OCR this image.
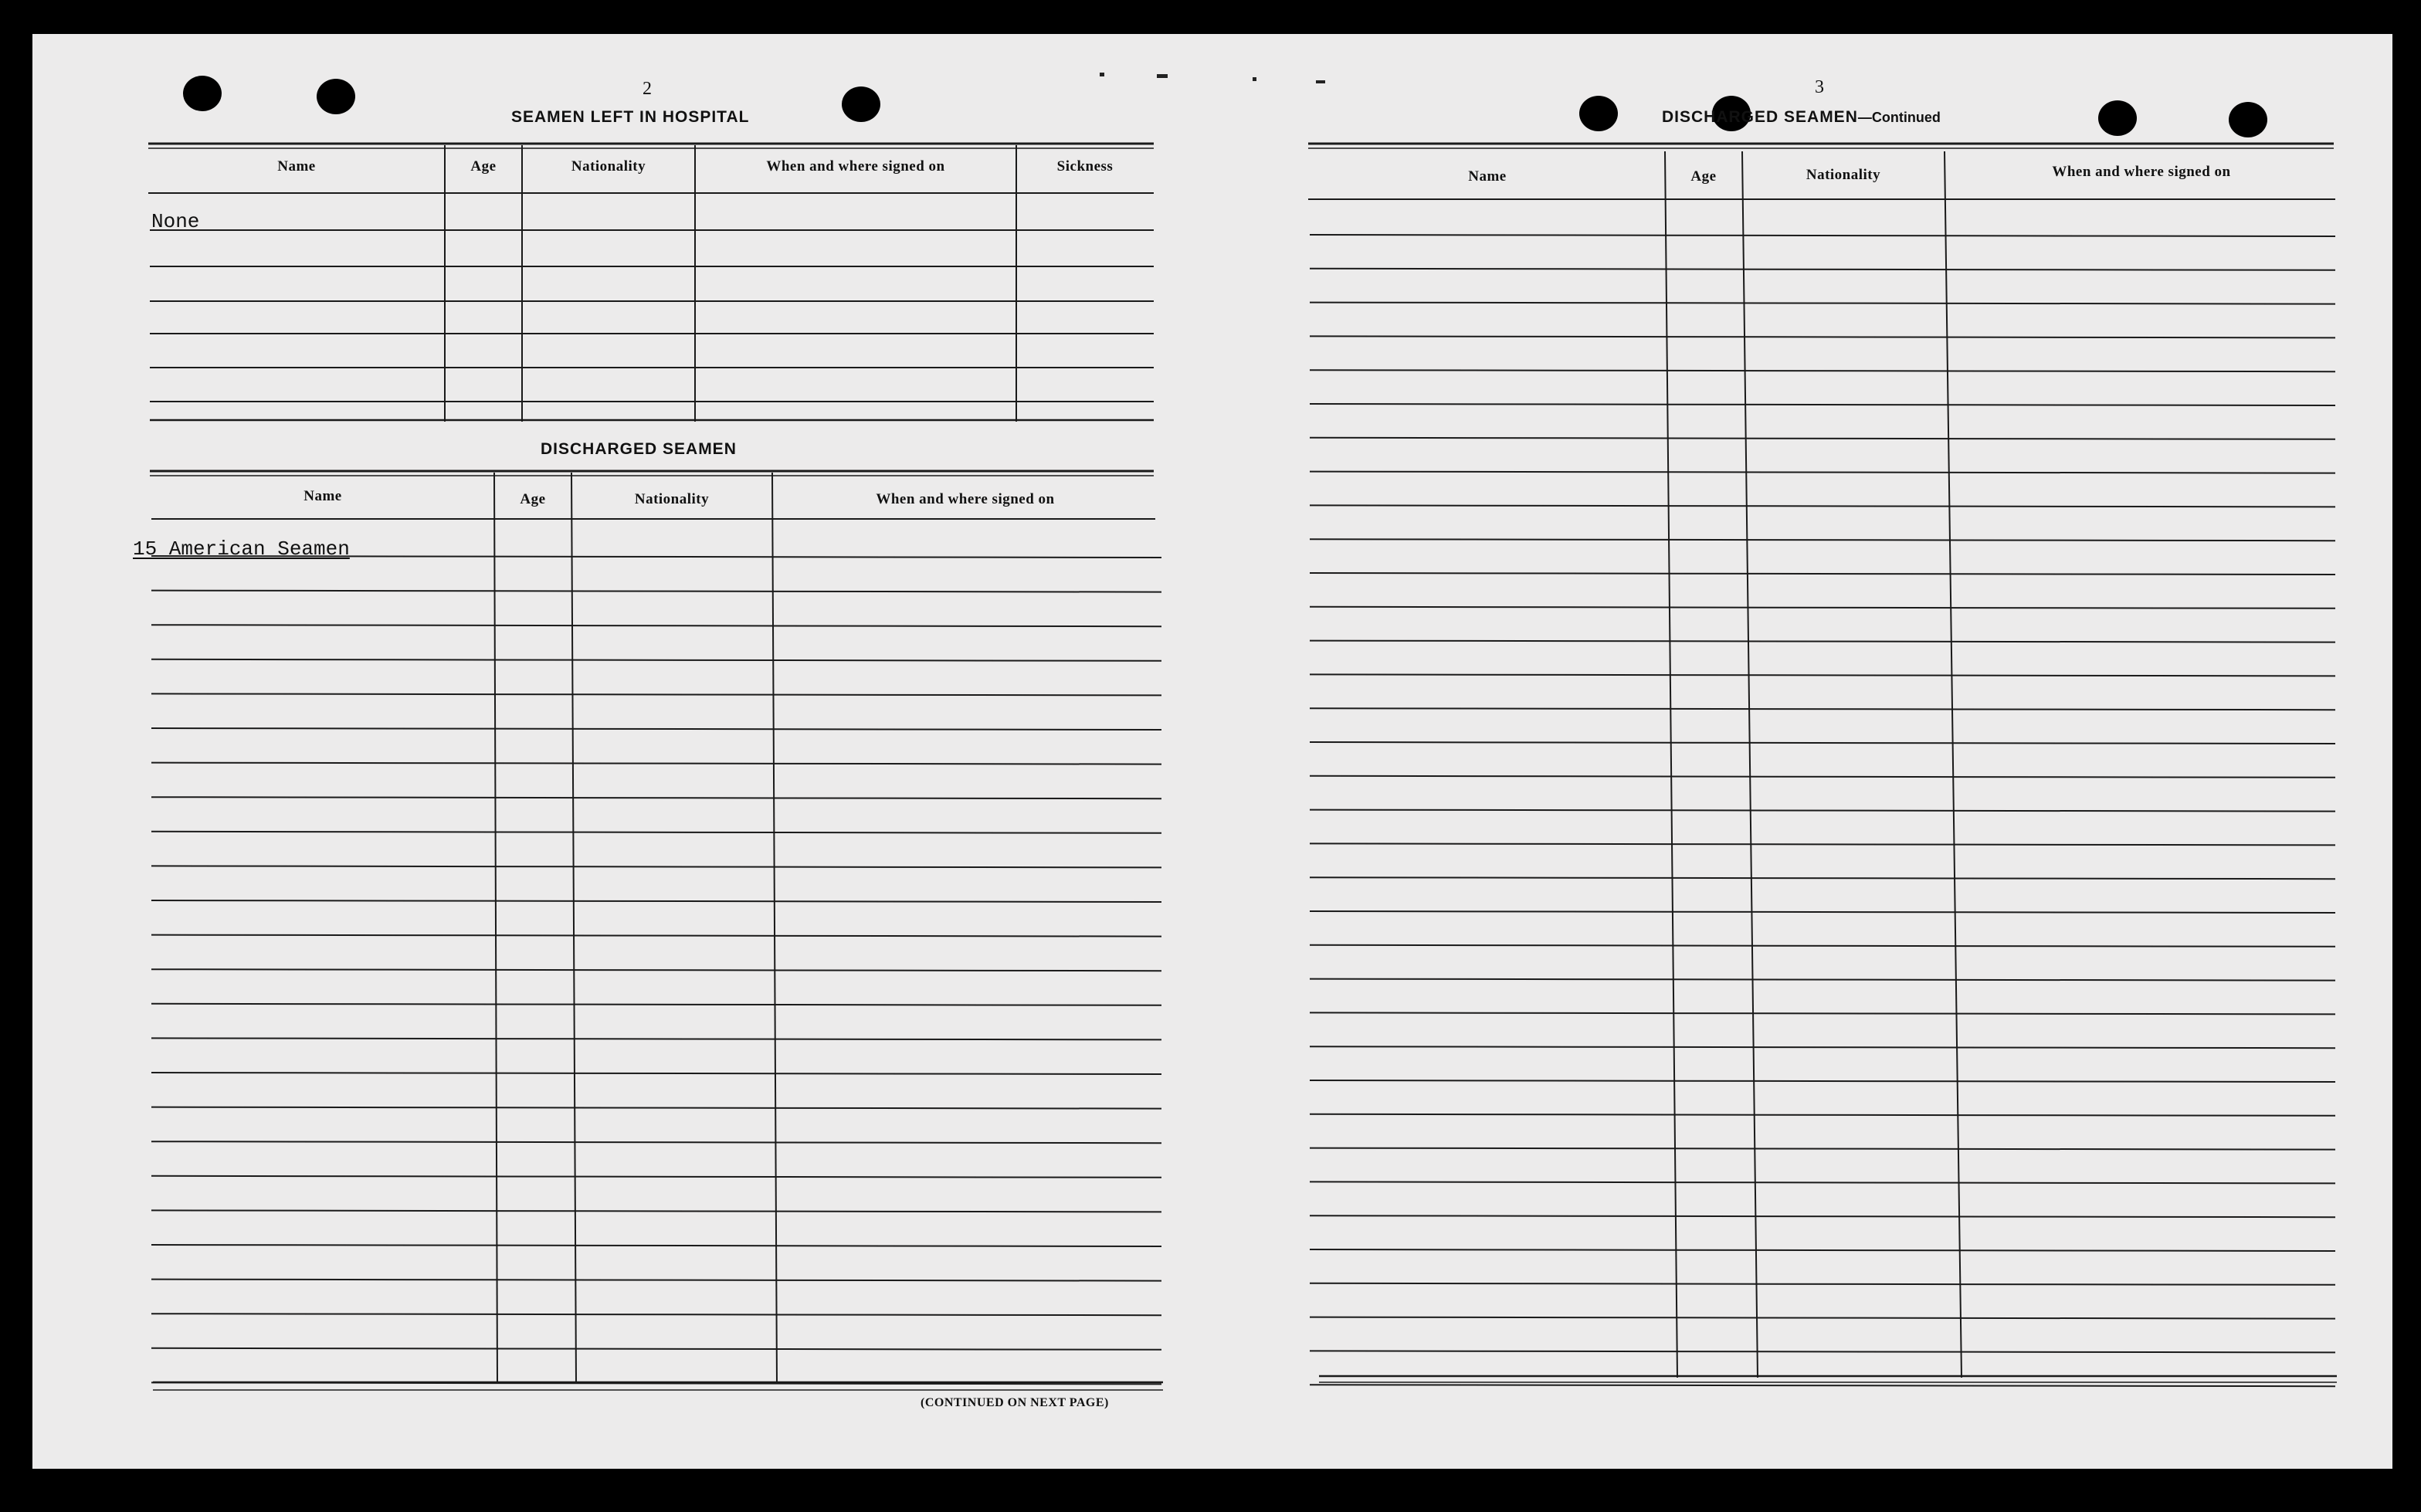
2
SEAMEN LEFT IN HOSPITAL
Name	Age	Nationality	When and where signed on	Sickness
None
DISCHARGED SEAMEN
Name	Age	Nationality	When and where signed on
15 American Seamen
(CONTINUED ON NEXT PAGE)
3
DISCHARGED SEAMEN—Continued
Name	Age	Nationality	When and where signed on
